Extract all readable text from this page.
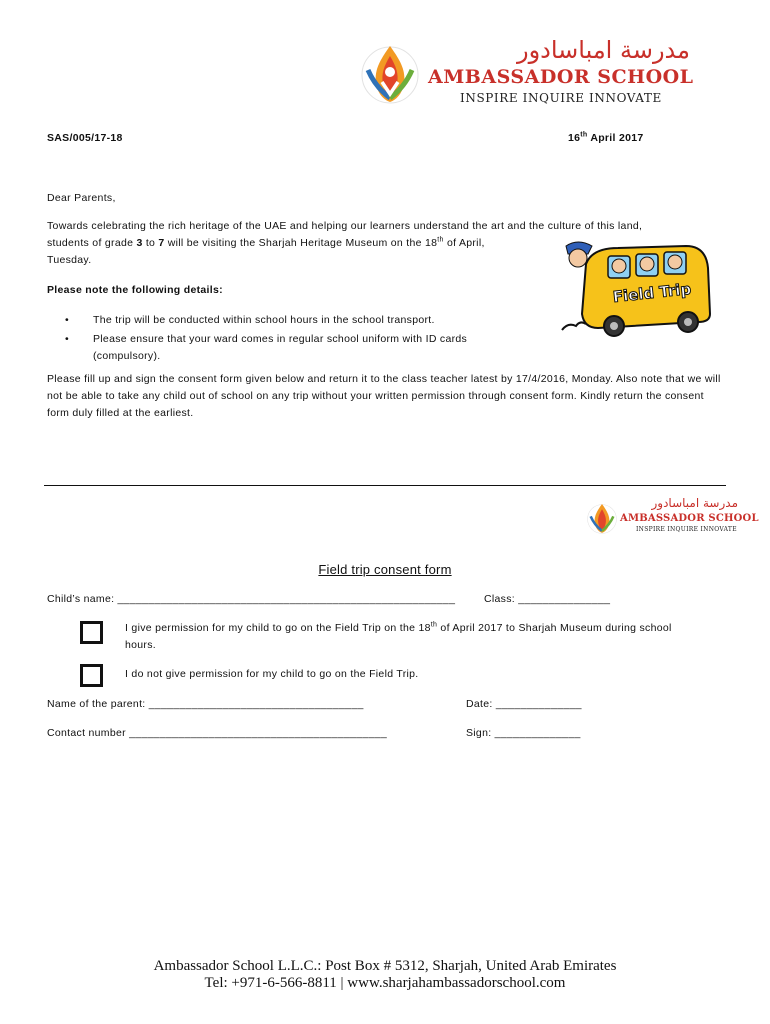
مدرسة امباسادور
AMBASSADOR SCHOOL
INSPIRE INQUIRE INNOVATE
SAS/005/17-18	16th April 2017
Dear Parents,
Towards celebrating the rich heritage of the UAE and helping our learners understand the art and the culture of this land,
students of grade 3 to 7 will be visiting the Sharjah Heritage Museum on the 18th of April,
Tuesday.
Please note the following details:
• The trip will be conducted within school hours in the school transport.
• Please ensure that your ward comes in regular school uniform with ID cards (compulsory).
Field Trip
Please fill up and sign the consent form given below and return it to the class teacher latest by 17/4/2016, Monday. Also note that we will not be able to take any child out of school on any trip without your written permission through consent form. Kindly return the consent form duly filled at the earliest.
مدرسة امباسادور
AMBASSADOR SCHOOL
INSPIRE INQUIRE INNOVATE
Field trip consent form
Child’s name: _______________________________________________________	Class: _______________
I give permission for my child to go on the Field Trip on the 18th of April 2017 to Sharjah Museum during school
hours.
I do not give permission for my child to go on the Field Trip.
Name of the parent: ___________________________________	Date: ______________
Contact number __________________________________________	Sign: ______________
Ambassador School L.L.C.: Post Box # 5312, Sharjah, United Arab Emirates
Tel: +971-6-566-8811 | www.sharjahambassadorschool.com
